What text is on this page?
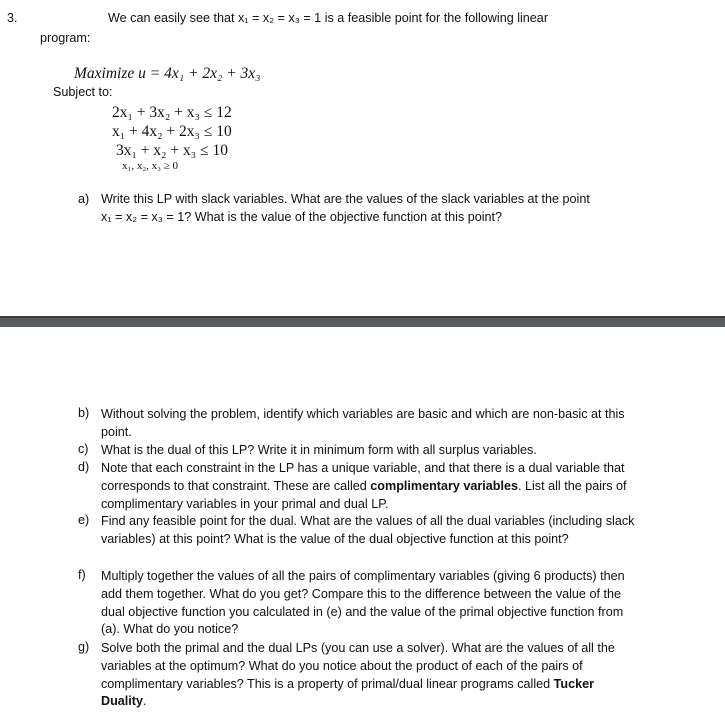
3.	We can easily see that x₁ = x₂ = x₃ = 1 is a feasible point for the following linear
program:
Maximize u = 4x₁ + 2x₂ + 3x₃
Subject to:
2x₁ + 3x₂ + x₃ ≤ 12
x₁ + 4x₂ + 2x₃ ≤ 10
3x₁ + x₂ + x₃ ≤ 10
x₁, x₂, x₃ ≥ 0
a) Write this LP with slack variables. What are the values of the slack variables at the point
x₁ = x₂ = x₃ = 1? What is the value of the objective function at this point?
b) Without solving the problem, identify which variables are basic and which are non-basic at this point.
c) What is the dual of this LP? Write it in minimum form with all surplus variables.
d) Note that each constraint in the LP has a unique variable, and that there is a dual variable that corresponds to that constraint. These are called complimentary variables. List all the pairs of complimentary variables in your primal and dual LP.
e) Find any feasible point for the dual. What are the values of all the dual variables (including slack variables) at this point? What is the value of the dual objective function at this point?
f) Multiply together the values of all the pairs of complimentary variables (giving 6 products) then add them together. What do you get? Compare this to the difference between the value of the dual objective function you calculated in (e) and the value of the primal objective function from (a). What do you notice?
g) Solve both the primal and the dual LPs (you can use a solver). What are the values of all the variables at the optimum? What do you notice about the product of each of the pairs of complimentary variables? This is a property of primal/dual linear programs called Tucker Duality.
